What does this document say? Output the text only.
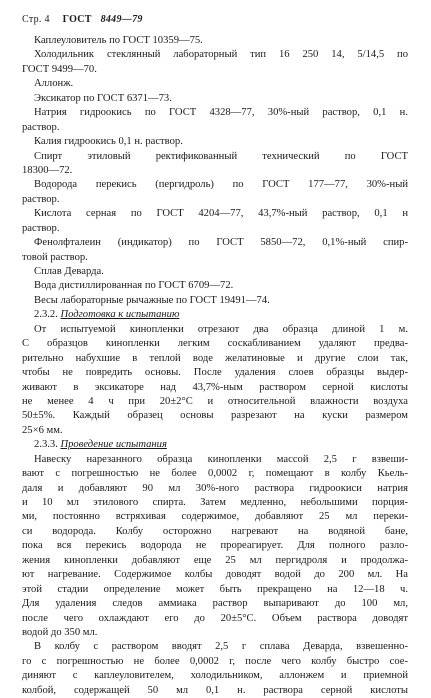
Стр. 4 ГОСТ 8449—79
Каплеуловитель по ГОСТ 10359—75.
Холодильник стеклянный лабораторный тип 16 250 14, 5/14,5 по
ГОСТ 9499—70.
Аллонж.
Эксикатор по ГОСТ 6371—73.
Натрия гидроокись по ГОСТ 4328—77, 30%-ный раствор, 0,1 н.
раствор.
Калия гидроокись 0,1 н. раствор.
Спирт этиловый ректификованный технический по ГОСТ
18300—72.
Водорода перекись (пергидроль) по ГОСТ 177—77, 30%-ный
раствор.
Кислота серная по ГОСТ 4204—77, 43,7%-ный раствор, 0,1 н
раствор.
Фенолфталеин (индикатор) по ГОСТ 5850—72, 0,1%-ный спир-
товой раствор.
Сплав Деварда.
Вода дистиллированная по ГОСТ 6709—72.
Весы лабораторные рычажные по ГОСТ 19491—74.
2.3.2. Подготовка к испытанию
От испытуемой кинопленки отрезают два образца длиной 1 м.
С образцов кинопленки легким соскабливанием удаляют предва-
рительно набухшие в теплой воде желатиновые и другие слои так,
чтобы не повредить основы. После удаления слоев образцы выдер-
живают в эксикаторе над 43,7%-ным раствором серной кислоты
не менее 4 ч при 20±2°С и относительной влажности воздуха
50±5%. Каждый образец основы разрезают на куски размером
25×6 мм.
2.3.3. Проведение испытания
Навеску нарезанного образца кинопленки массой 2,5 г взвеши-
вают с погрешностью не более 0,0002 г, помещают в колбу Кьель-
даля и добавляют 90 мл 30%-ного раствора гидроокиси натрия
и 10 мл этилового спирта. Затем медленно, небольшими порция-
ми, постоянно встряхивая содержимое, добавляют 25 мл переки-
си водорода. Колбу осторожно нагревают на водяной бане,
пока вся перекись водорода не прореагирует. Для полного разло-
жения кинопленки добавляют еще 25 мл пергидроля и продолжа-
ют нагревание. Содержимое колбы доводят водой до 200 мл. На
этой стадии определение может быть прекращено на 12—18 ч.
Для удаления следов аммиака раствор выпаривают до 100 мл,
после чего охлаждают его до 20±5°С. Объем раствора доводят
водой до 350 мл.
В колбу с раствором вводят 2,5 г сплава Деварда, взвешенно-
го с погрешностью не более 0,0002 г, после чего колбу быстро сое-
диняют с каплеуловителем, холодильником, аллонжем и приемной
колбой, содержащей 50 мл 0,1 н. раствора серной кислоты
